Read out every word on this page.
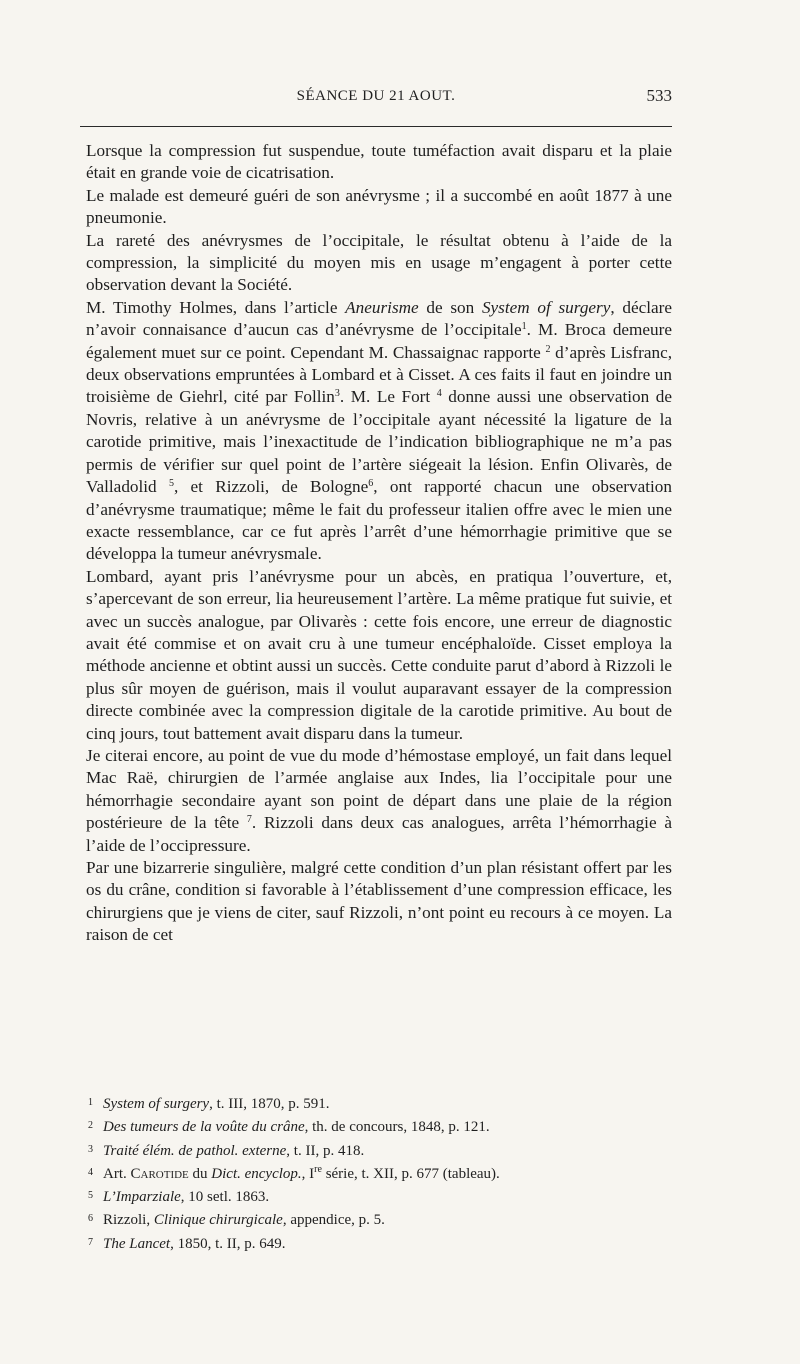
SÉANCE DU 21 AOUT.	533

Lorsque la compression fut suspendue, toute tuméfaction avait disparu et la plaie était en grande voie de cicatrisation.

Le malade est demeuré guéri de son anévrysme ; il a succombé en août 1877 à une pneumonie.

La rareté des anévrysmes de l’occipitale, le résultat obtenu à l’aide de la compression, la simplicité du moyen mis en usage m’engagent à porter cette observation devant la Société.

M. Timothy Holmes, dans l’article Aneurisme de son System of surgery, déclare n’avoir connaisance d’aucun cas d’anévrysme de l’occipitale$^1$. M. Broca demeure également muet sur ce point. Cependant M. Chassaignac rapporte $^2$ d’après Lisfranc, deux observations empruntées à Lombard et à Cisset. A ces faits il faut en joindre un troisième de Giehrl, cité par Follin$^3$. M. Le Fort $^4$ donne aussi une observation de Novris, relative à un anévrysme de l’occipitale ayant nécessité la ligature de la carotide primitive, mais l’inexactitude de l’indication bibliographique ne m’a pas permis de vérifier sur quel point de l’artère siégeait la lésion. Enfin Olivarès, de Valladolid $^5$, et Rizzoli, de Bologne$^6$, ont rapporté chacun une observation d’anévrysme traumatique; même le fait du professeur italien offre avec le mien une exacte ressemblance, car ce fut après l’arrêt d’une hémorrhagie primitive que se développa la tumeur anévrysmale.

Lombard, ayant pris l’anévrysme pour un abcès, en pratiqua l’ouverture, et, s’apercevant de son erreur, lia heureusement l’artère. La même pratique fut suivie, et avec un succès analogue, par Olivarès : cette fois encore, une erreur de diagnostic avait été commise et on avait cru à une tumeur encéphaloïde. Cisset employa la méthode ancienne et obtint aussi un succès. Cette conduite parut d’abord à Rizzoli le plus sûr moyen de guérison, mais il voulut auparavant essayer de la compression directe combinée avec la compression digitale de la carotide primitive. Au bout de cinq jours, tout battement avait disparu dans la tumeur.

Je citerai encore, au point de vue du mode d’hémostase employé, un fait dans lequel Mac Raë, chirurgien de l’armée anglaise aux Indes, lia l’occipitale pour une hémorrhagie secondaire ayant son point de départ dans une plaie de la région postérieure de la tête $^7$. Rizzoli dans deux cas analogues, arrêta l’hémorrhagie à l’aide de l’occipressure.

Par une bizarrerie singulière, malgré cette condition d’un plan résistant offert par les os du crâne, condition si favorable à l’établissement d’une compression efficace, les chirurgiens que je viens de citer, sauf Rizzoli, n’ont point eu recours à ce moyen. La raison de cet

1 System of surgery, t. III, 1870, p. 591.
2 Des tumeurs de la voûte du crâne, th. de concours, 1848, p. 121.
3 Traité élém. de pathol. externe, t. II, p. 418.
4 Art. Carotide du Dict. encyclop., Ire série, t. XII, p. 677 (tableau).
5 L’Imparziale, 10 setl. 1863.
6 Rizzoli, Clinique chirurgicale, appendice, p. 5.
7 The Lancet, 1850, t. II, p. 649.
